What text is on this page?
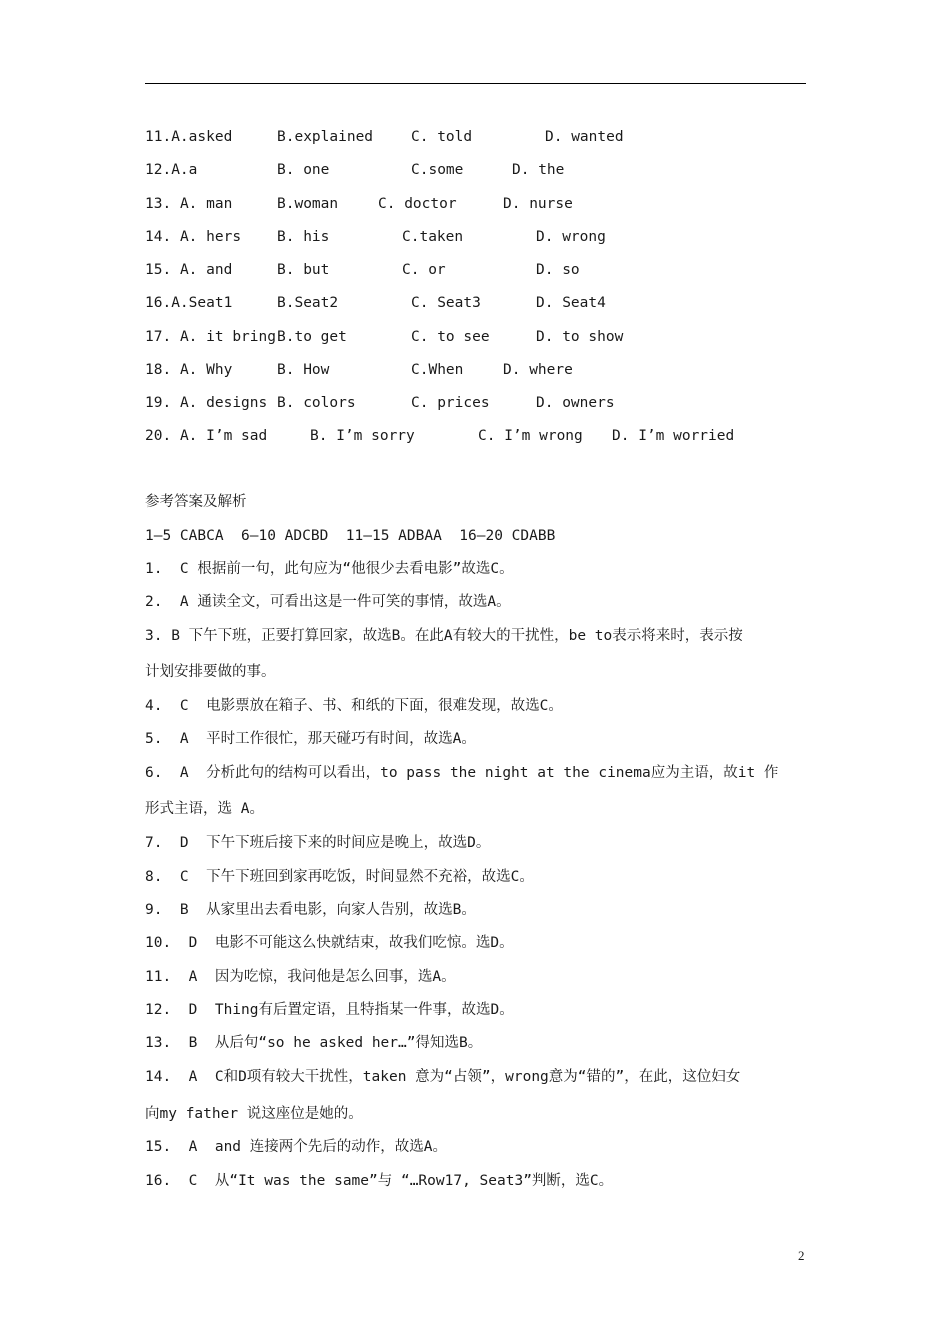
11.A.asked	B.explained	C. told	D. wanted
12.A.a	B. one	C.some	D. the
13. A. man	B.woman	C. doctor	D. nurse
14. A. hers B. his	C.taken	D. wrong
15. A. and	B. but	C. or	D. so
16.A.Seat1	B.Seat2	C. Seat3	D. Seat4
17. A. it bring B.to get	C. to see	D. to show
18. A. Why	B. How	C.When	D. where
19. A. designs B. colors	C. prices	D. owners
20. A. I’m sad	B. I’m sorry	C. I’m wrong D. I’m worried
参考答案及解析
1—5 CABCA  6—10 ADCBD  11—15 ADBAA  16—20 CDABB
1.  C 根据前一句，此句应为“他很少去看电影”故选C。
2.  A 通读全文，可看出这是一件可笑的事情，故选A。
3. B 下午下班，正要打算回家，故选B。在此A有较大的干扰性，be to表示将来时，表示按
计划安排要做的事。
4.  C  电影票放在箱子、书、和纸的下面，很难发现，故选C。
5.  A  平时工作很忙，那天碰巧有时间，故选A。
6.  A  分析此句的结构可以看出，to pass the night at the cinema应为主语，故it 作
形式主语，选 A。
7.  D  下午下班后接下来的时间应是晚上，故选D。
8.  C  下午下班回到家再吃饭，时间显然不充裕，故选C。
9.  B  从家里出去看电影，向家人告别，故选B。
10.  D  电影不可能这么快就结束，故我们吃惊。选D。
11.  A  因为吃惊，我问他是怎么回事，选A。
12.  D  Thing有后置定语，且特指某一件事，故选D。
13.  B  从后句“so he asked her…”得知选B。
14.  A  C和D项有较大干扰性，taken 意为“占领”，wrong意为“错的”，在此，这位妇女
向my father 说这座位是她的。
15.  A  and 连接两个先后的动作，故选A。
16.  C  从“It was the same”与 “…Row17, Seat3”判断，选C。
2
